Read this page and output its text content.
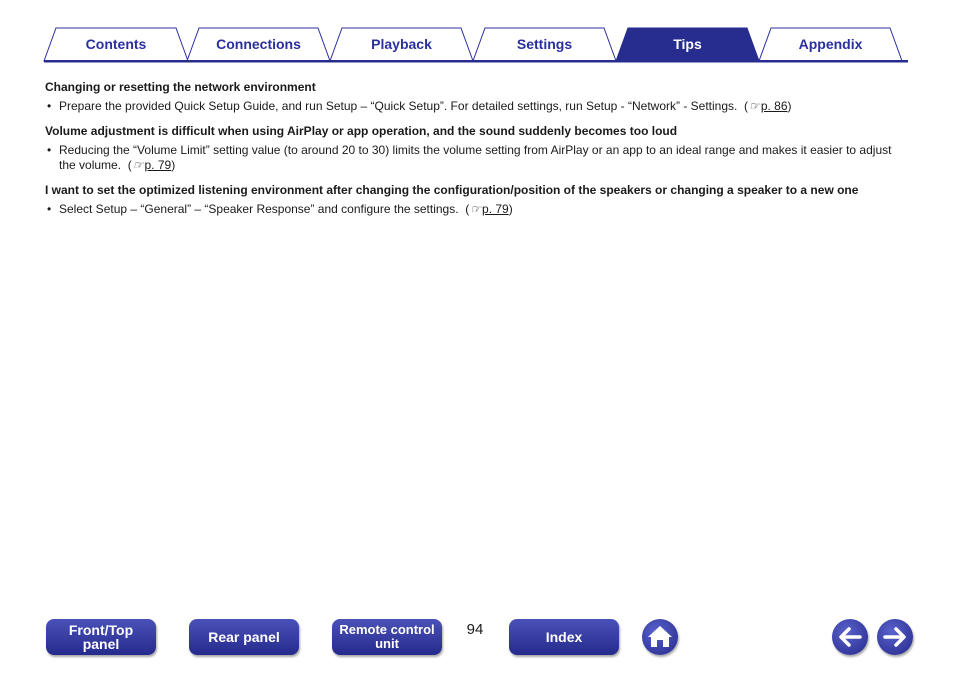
Contents	Connections	Playback	Settings	Tips	Appendix

Changing or resetting the network environment

• Prepare the provided Quick Setup Guide, and run Setup – “Quick Setup”. For detailed settings, run Setup - “Network” - Settings.  (☞p. 86)

Volume adjustment is difficult when using AirPlay or app operation, and the sound suddenly becomes too loud

• Reducing the “Volume Limit” setting value (to around 20 to 30) limits the volume setting from AirPlay or an app to an ideal range and makes it easier to adjust the volume.  (☞p. 79)

I want to set the optimized listening environment after changing the configuration/position of the speakers or changing a speaker to a new one

• Select Setup – “General” – “Speaker Response” and configure the settings.  (☞p. 79)

Front/Top
panel	Rear panel	Remote control
unit
94	Index
